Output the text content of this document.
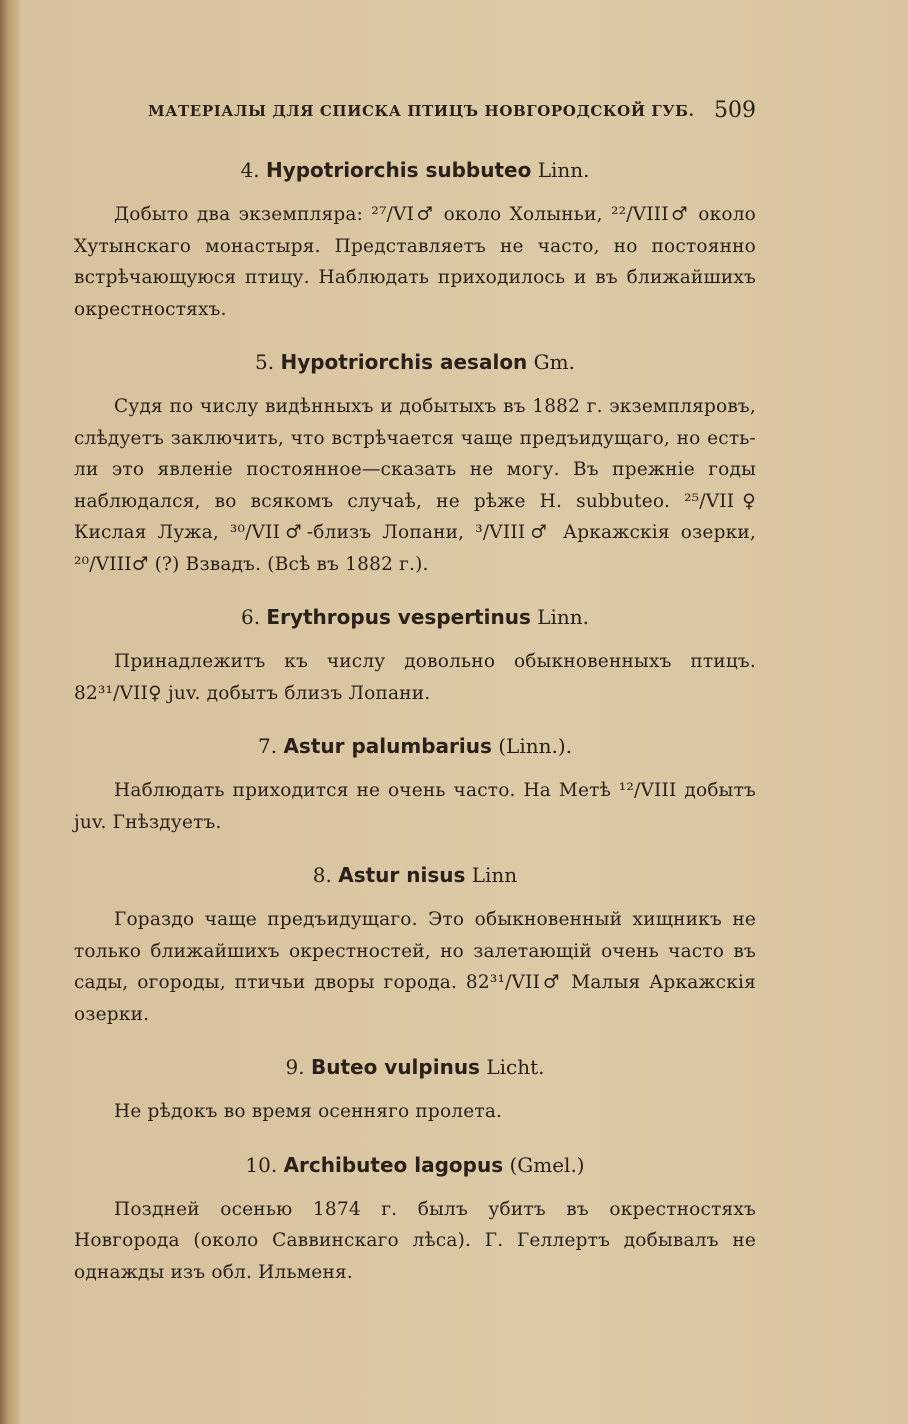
МАТЕРІАЛЫ ДЛЯ СПИСКА ПТИЦЪ НОВГОРОДСКОЙ ГУБ. 509
4. Hypotriorchis subbuteo Linn.

Добыто два экземпляра: ²⁷/VI♂ около Холыньи, ²²/VIII♂ около Хутынскаго монастыря. Представляетъ не часто, но постоянно встрѣчающуюся птицу. Наблюдать приходилось и въ ближайшихъ окрестностяхъ.

5. Hypotriorchis aesalon Gm.

Судя по числу видѣнныхъ и добытыхъ въ 1882 г. экземпляровъ, слѣдуетъ заключить, что встрѣчается чаще предъидущаго, но есть-ли это явленіе постоянное—сказать не могу. Въ прежніе годы наблюдался, во всякомъ случаѣ, не рѣже H. subbuteo. ²⁵/VII♀ Кислая Лужа, ³⁰/VII♂-близъ Лопани, ³/VIII♂ Аркажскія озерки, ²⁰/VIII♂ (?) Взвадъ. (Всѣ въ 1882 г.).

6. Erythropus vespertinus Linn.

Принадлежитъ къ числу довольно обыкновенныхъ птицъ. 82³¹/VII♀ juv. добытъ близъ Лопани.

7. Astur palumbarius (Linn.).

Наблюдать приходится не очень часто. На Метѣ ¹²/VIII добытъ juv. Гнѣздуетъ.

8. Astur nisus Linn

Гораздо чаще предъидущаго. Это обыкновенный хищникъ не только ближайшихъ окрестностей, но залетающій очень часто въ сады, огороды, птичьи дворы города. 82³¹/VII♂ Малыя Аркажскія озерки.

9. Buteo vulpinus Licht.

Не рѣдокъ во время осенняго пролета.

10. Archibuteo lagopus (Gmel.)

Поздней осенью 1874 г. былъ убитъ въ окрестностяхъ Новгорода (около Саввинскаго лѣса). Г. Геллертъ добывалъ не однажды изъ обл. Ильменя.
